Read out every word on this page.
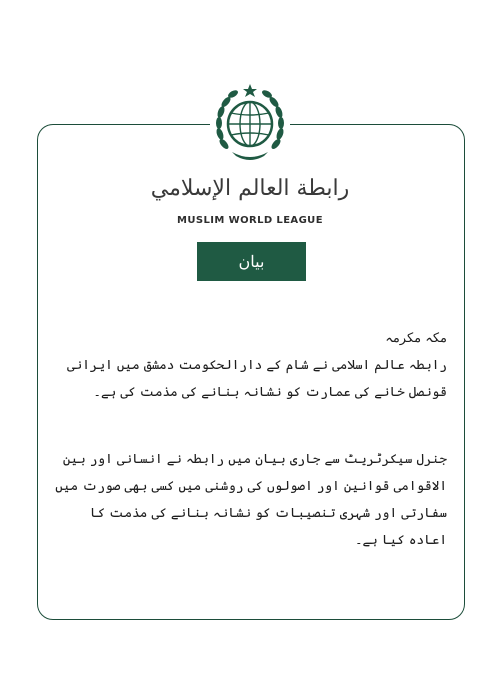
رابطة العالم الإسلامي
MUSLIM WORLD LEAGUE
بیان

مکہ مکرمہ

رابطہ عالم اسلامی نے شام کے دارالحکومت دمشق میں ایرانی قونصل خانے کی عمارت کو نشانہ بنانے کی مذمت کی ہے۔

جنرل سیکرٹریٹ سے جاری بیان میں رابطہ نے انسانی اور بین الاقوامی قوانین اور اصولوں کی روشنی میں کسی بھی صورت میں سفارتی اور شہری تنصیبات کو نشانہ بنانے کی مذمت کا اعادہ کیا ہے۔
